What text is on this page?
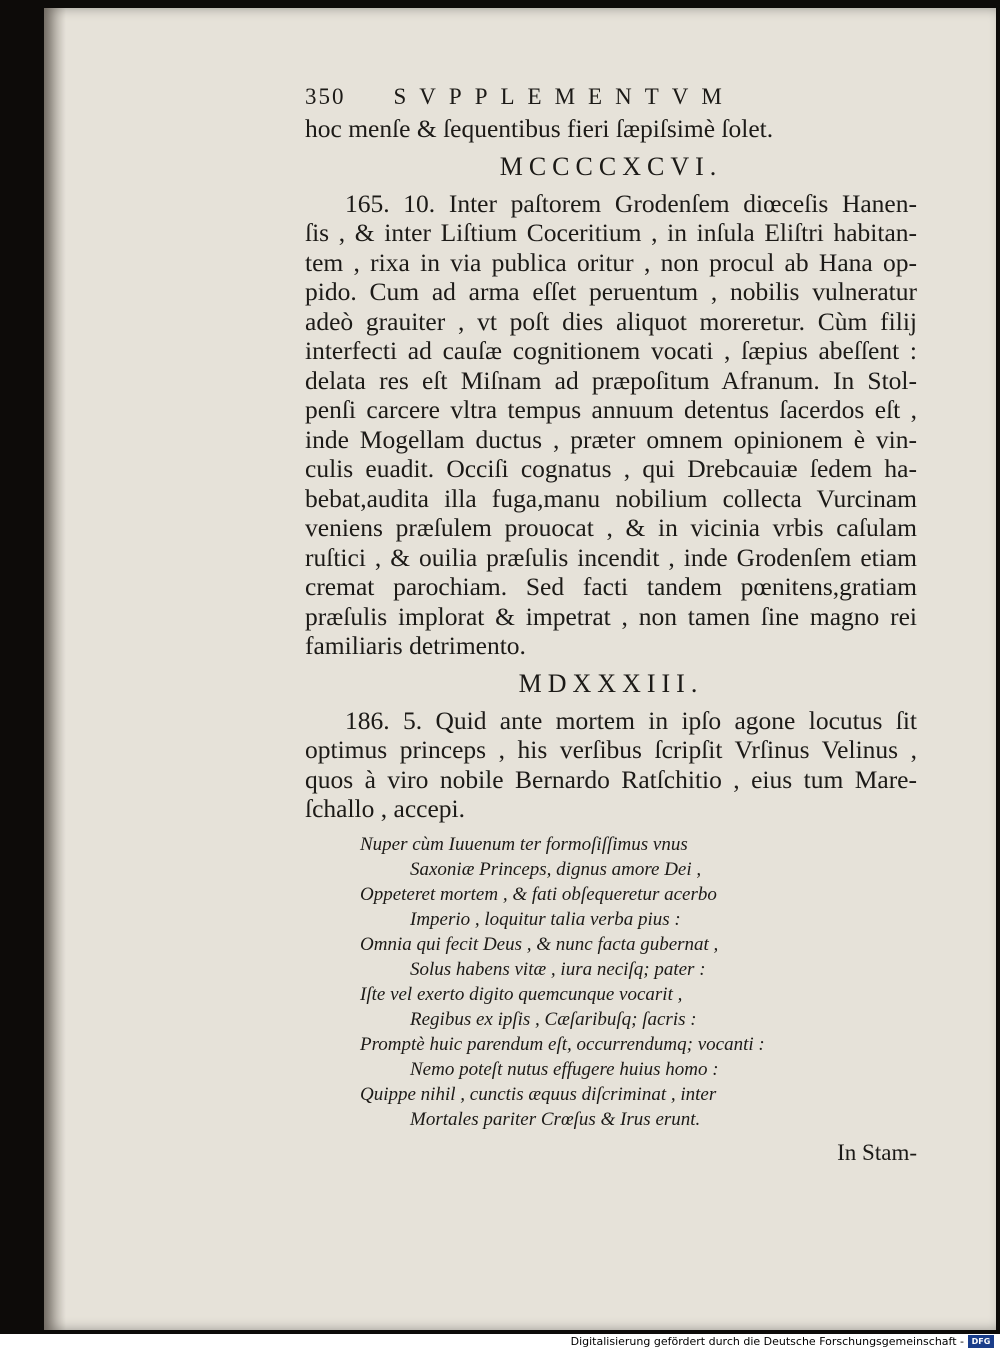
350 SVPPLEMENTVM
hoc menſe & ſequentibus fieri ſæpiſsimè ſolet.
MCCCCXCVI.
165. 10. Inter paſtorem Grodenſem diœceſis Hanen-
ſis , & inter Liſtium Coceritium , in inſula Eliſtri habitan-
tem , rixa in via publica oritur , non procul ab Hana op-
pido. Cum ad arma eſſet peruentum , nobilis vulneratur
adeò grauiter , vt poſt dies aliquot moreretur. Cùm filij
interfecti ad cauſæ cognitionem vocati , ſæpius abeſſent :
delata res eſt Miſnam ad præpoſitum Afranum. In Stol-
penſi carcere vltra tempus annuum detentus ſacerdos eſt ,
inde Mogellam ductus , præter omnem opinionem è vin-
culis euadit. Occiſi cognatus , qui Drebcauiæ ſedem ha-
bebat,audita illa fuga,manu nobilium collecta Vurcinam
veniens præſulem prouocat , & in vicinia vrbis caſulam
ruſtici , & ouilia præſulis incendit , inde Grodenſem etiam
cremat parochiam. Sed facti tandem pœnitens,gratiam
præſulis implorat & impetrat , non tamen ſine magno rei
familiaris detrimento.
MDXXXIII.
186. 5. Quid ante mortem in ipſo agone locutus ſit
optimus princeps , his verſibus ſcripſit Vrſinus Velinus ,
quos à viro nobile Bernardo Ratſchitio , eius tum Mare-
ſchallo , accepi.
Nuper cùm Iuuenum ter formoſiſſimus vnus
Saxoniæ Princeps, dignus amore Dei ,
Oppeteret mortem , & fati obſequeretur acerbo
Imperio , loquitur talia verba pius :
Omnia qui fecit Deus , & nunc facta gubernat ,
Solus habens vitæ , iura neciſq; pater :
Iſte vel exerto digito quemcunque vocarit ,
Regibus ex ipſis , Cæſaribuſq; ſacris :
Promptè huic parendum eſt, occurrendumq; vocanti :
Nemo poteſt nutus effugere huius homo :
Quippe nihil , cunctis æquus diſcriminat , inter
Mortales pariter Crœſus & Irus erunt.
In Stam-
Digitalisierung gefördert durch die Deutsche Forschungsgemeinschaft - DFG
